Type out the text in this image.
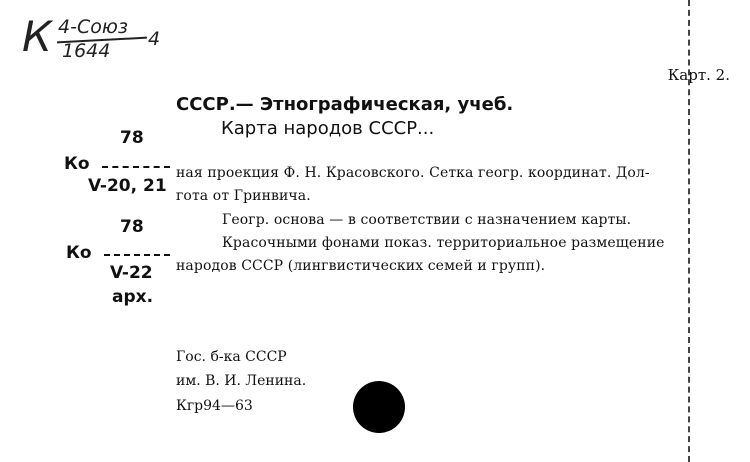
К 4-Союз
1644
4
Карт. 2.
СССР.— Этнографическая, учеб.
Карта народов СССР...
Ко
78
V-20, 21
Ко
78
V-22
арх.
ная проекция Ф. Н. Красовского. Сетка геогр. координат. Дол-
гота от Гринвича.
Геогр. основа — в соответствии с назначением карты.
Красочными фонами показ. территориальное размещение
народов СССР (лингвистических семей и групп).
Гос. б-ка СССР
им. В. И. Ленина.
Кгр94—63
